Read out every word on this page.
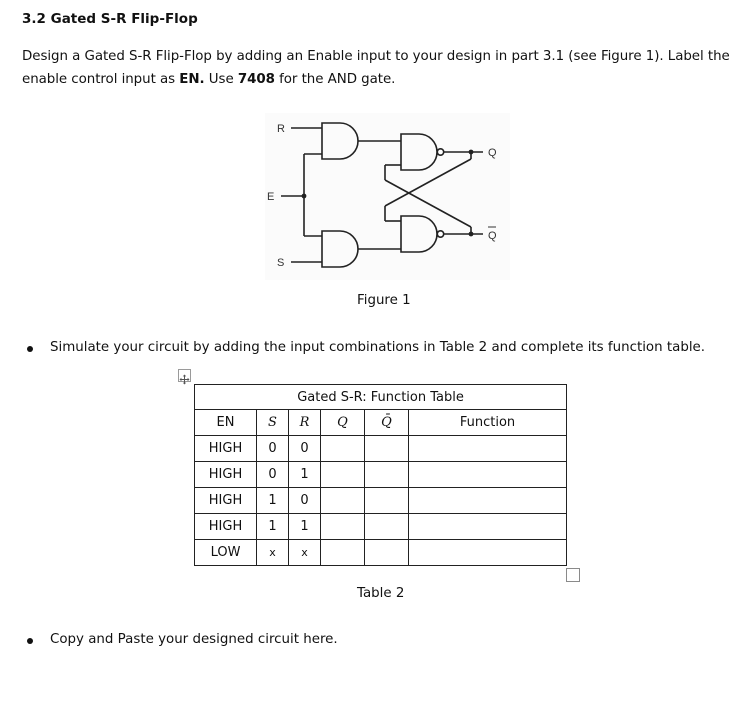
3.2 Gated S-R Flip-Flop
Design a Gated S-R Flip-Flop by adding an Enable input to your design in part 3.1 (see Figure 1). Label the
enable control input as EN. Use 7408 for the AND gate.
R
E
S
Q
Q
Figure 1
Simulate your circuit by adding the input combinations in Table 2 and complete its function table.
Gated S-R: Function Table					
EN	S	R	Q	Q̄	Function
HIGH	0	0			
HIGH	0	1			
HIGH	1	0			
HIGH	1	1			
LOW	x	x			
Table 2
Copy and Paste your designed circuit here.
